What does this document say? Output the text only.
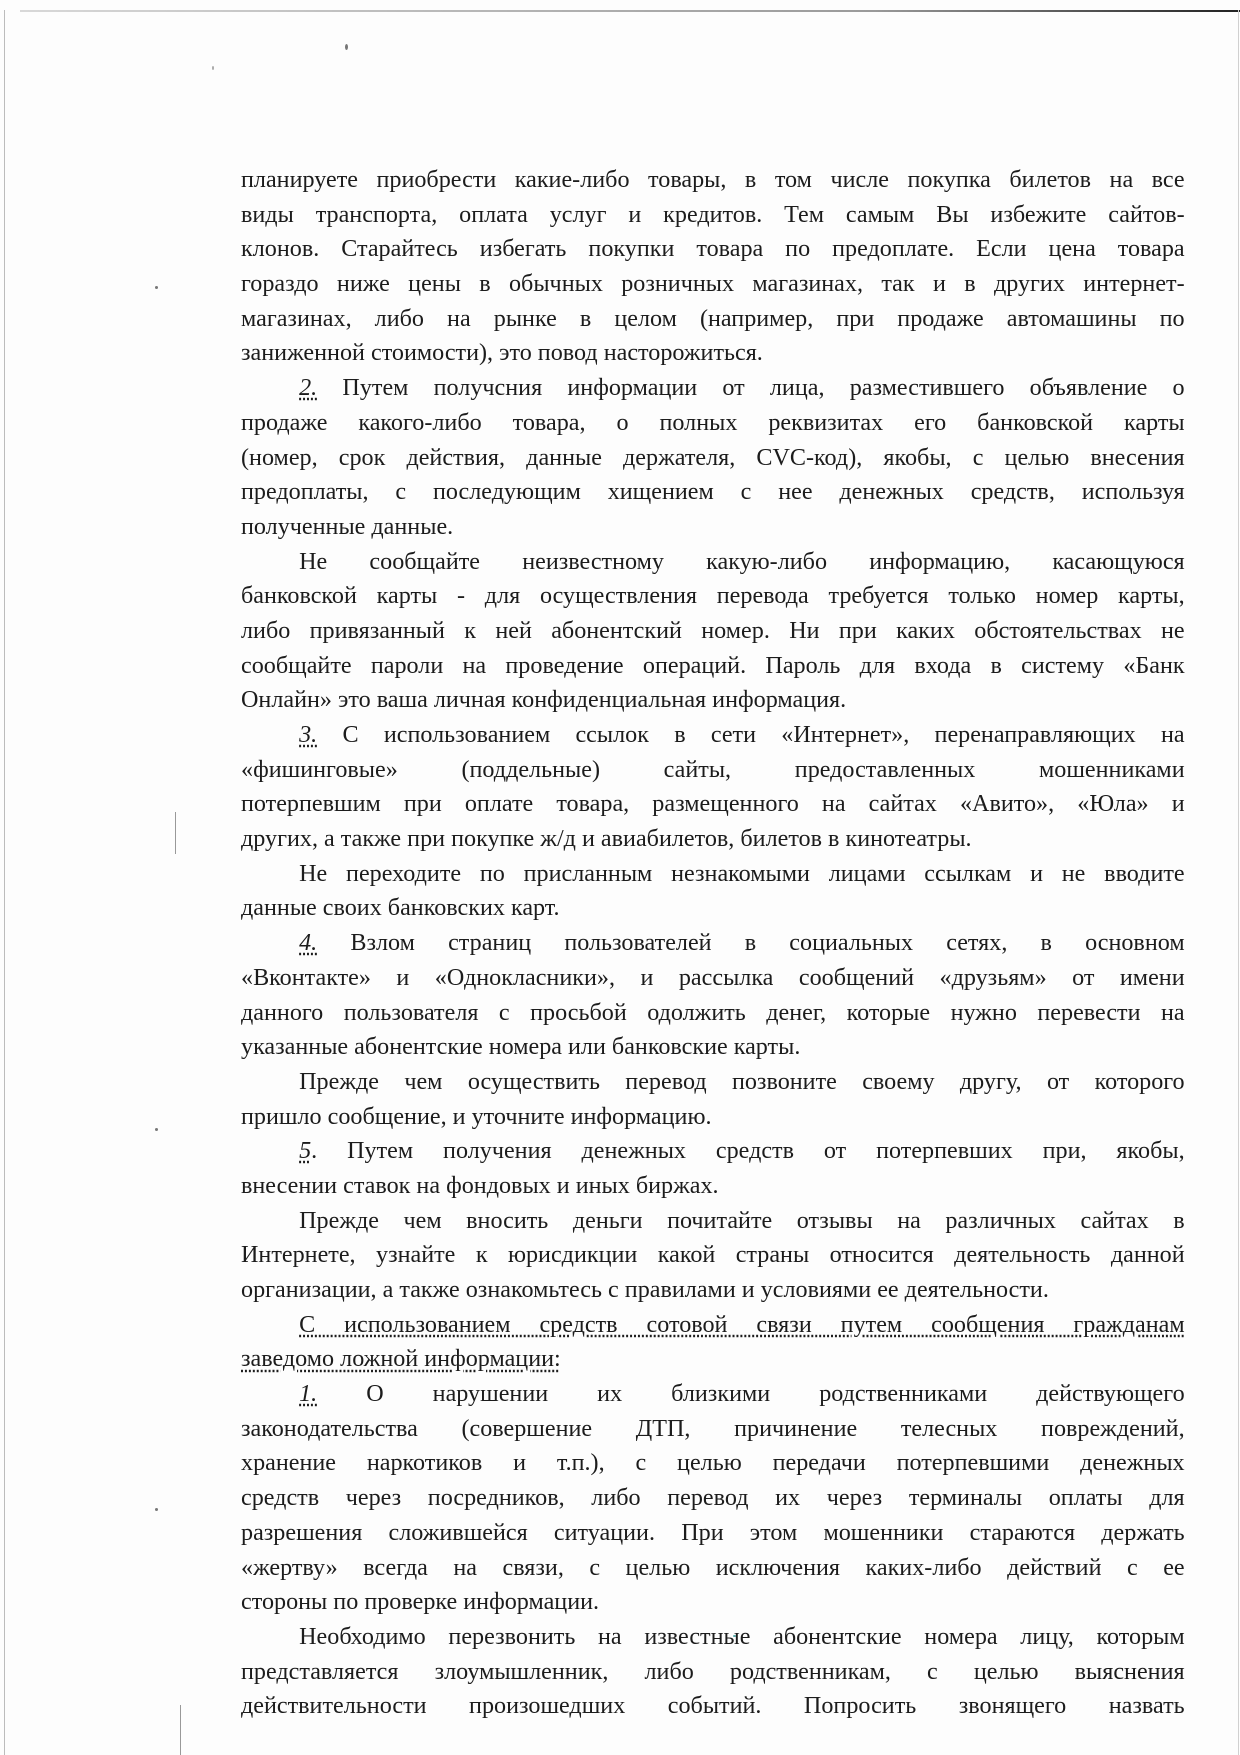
планируете приобрести какие-либо товары, в том числе покупка билетов на все
виды транспорта, оплата услуг и кредитов. Тем самым Вы избежите сайтов-
клонов. Старайтесь избегать покупки товара по предоплате. Если цена товара
гораздо ниже цены в обычных розничных магазинах, так и в других интернет-
магазинах, либо на рынке в целом (например, при продаже автомашины по
заниженной стоимости), это повод насторожиться.
2. Путем получсния информации от лица, разместившего объявление о
продаже какого-либо товара, о полных реквизитах его банковской карты
(номер, срок действия, данные держателя, CVC-код), якобы, с целью внесения
предоплаты, с последующим хищением с нее денежных средств, используя
полученные данные.
Не сообщайте неизвестному какую-либо информацию, касающуюся
банковской карты - для осуществления перевода требуется только номер карты,
либо привязанный к ней абонентский номер. Ни при каких обстоятельствах не
сообщайте пароли на проведение операций. Пароль для входа в систему «Банк
Онлайн» это ваша личная конфиденциальная информация.
3. С использованием ссылок в сети «Интернет», перенаправляющих на
«фишинговые» (поддельные) сайты, предоставленных мошенниками
потерпевшим при оплате товара, размещенного на сайтах «Авито», «Юла» и
других, а также при покупке ж/д и авиабилетов, билетов в кинотеатры.
Не переходите по присланным незнакомыми лицами ссылкам и не вводите
данные своих банковских карт.
4. Взлом страниц пользователей в социальных сетях, в основном
«Вконтакте» и «Однокласники», и рассылка сообщений «друзьям» от имени
данного пользователя с просьбой одолжить денег, которые нужно перевести на
указанные абонентские номера или банковские карты.
Прежде чем осуществить перевод позвоните своему другу, от которого
пришло сообщение, и уточните информацию.
5. Путем получения денежных средств от потерпевших при, якобы,
внесении ставок на фондовых и иных биржах.
Прежде чем вносить деньги почитайте отзывы на различных сайтах в
Интернете, узнайте к юрисдикции какой страны относится деятельность данной
организации, а также ознакомьтесь с правилами и условиями ее деятельности.
С использованием средств сотовой связи путем сообщения гражданам
заведомо ложной информации:
1. О нарушении их близкими родственниками действующего
законодательства (совершение ДТП, причинение телесных повреждений,
хранение наркотиков и т.п.), с целью передачи потерпевшими денежных
средств через посредников, либо перевод их через терминалы оплаты для
разрешения сложившейся ситуации. При этом мошенники стараются держать
«жертву» всегда на связи, с целью исключения каких-либо действий с ее
стороны по проверке информации.
Необходимо перезвонить на известные абонентские номера лицу, которым
представляется злоумышленник, либо родственникам, с целью выяснения
действительности произошедших событий. Попросить звонящего назвать
